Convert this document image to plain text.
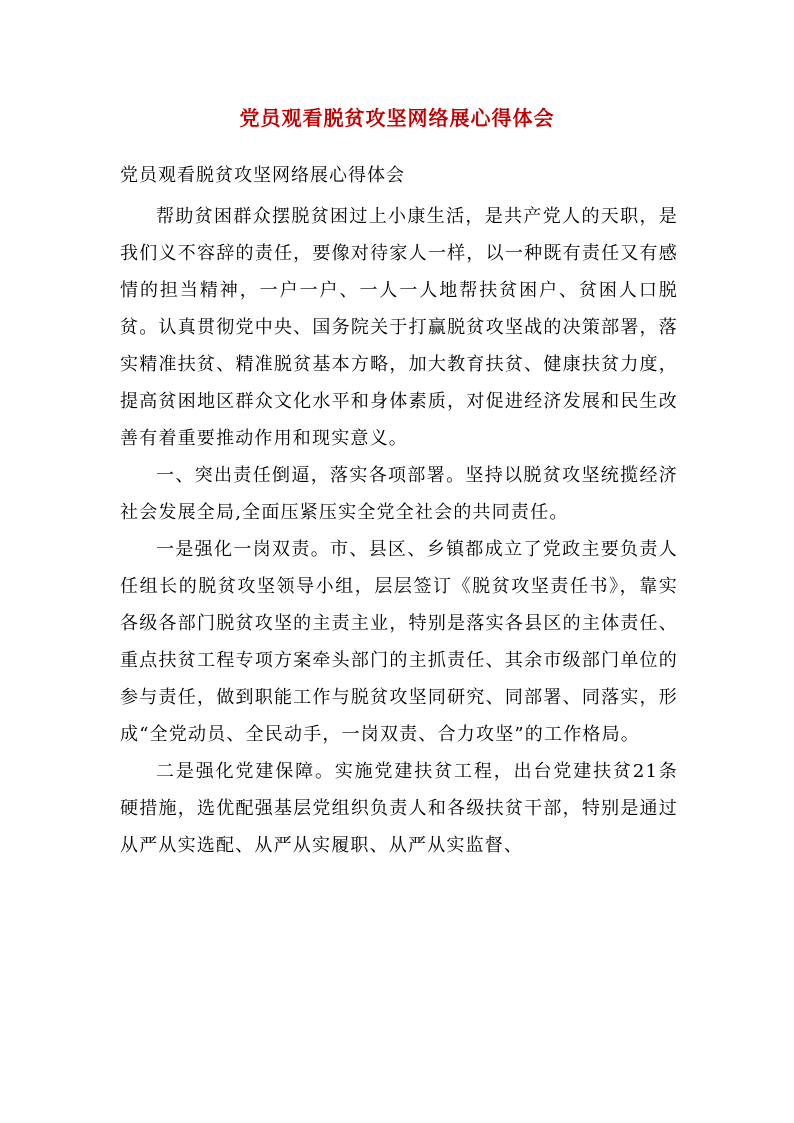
党员观看脱贫攻坚网络展心得体会
党员观看脱贫攻坚网络展心得体会

帮助贫困群众摆脱贫困过上小康生活，是共产党人的天职，是我们义不容辞的责任，要像对待家人一样，以一种既有责任又有感情的担当精神，一户一户、一人一人地帮扶贫困户、贫困人口脱贫。认真贯彻党中央、国务院关于打赢脱贫攻坚战的决策部署，落实精准扶贫、精准脱贫基本方略，加大教育扶贫、健康扶贫力度，提高贫困地区群众文化水平和身体素质，对促进经济发展和民生改善有着重要推动作用和现实意义。

一、突出责任倒逼，落实各项部署。坚持以脱贫攻坚统揽经济社会发展全局,全面压紧压实全党全社会的共同责任。

一是强化一岗双责。市、县区、乡镇都成立了党政主要负责人任组长的脱贫攻坚领导小组，层层签订《脱贫攻坚责任书》，靠实各级各部门脱贫攻坚的主责主业，特别是落实各县区的主体责任、重点扶贫工程专项方案牵头部门的主抓责任、其余市级部门单位的参与责任，做到职能工作与脱贫攻坚同研究、同部署、同落实，形成“全党动员、全民动手，一岗双责、合力攻坚”的工作格局。

二是强化党建保障。实施党建扶贫工程，出台党建扶贫21条硬措施，选优配强基层党组织负责人和各级扶贫干部，特别是通过从严从实选配、从严从实履职、从严从实监督、
